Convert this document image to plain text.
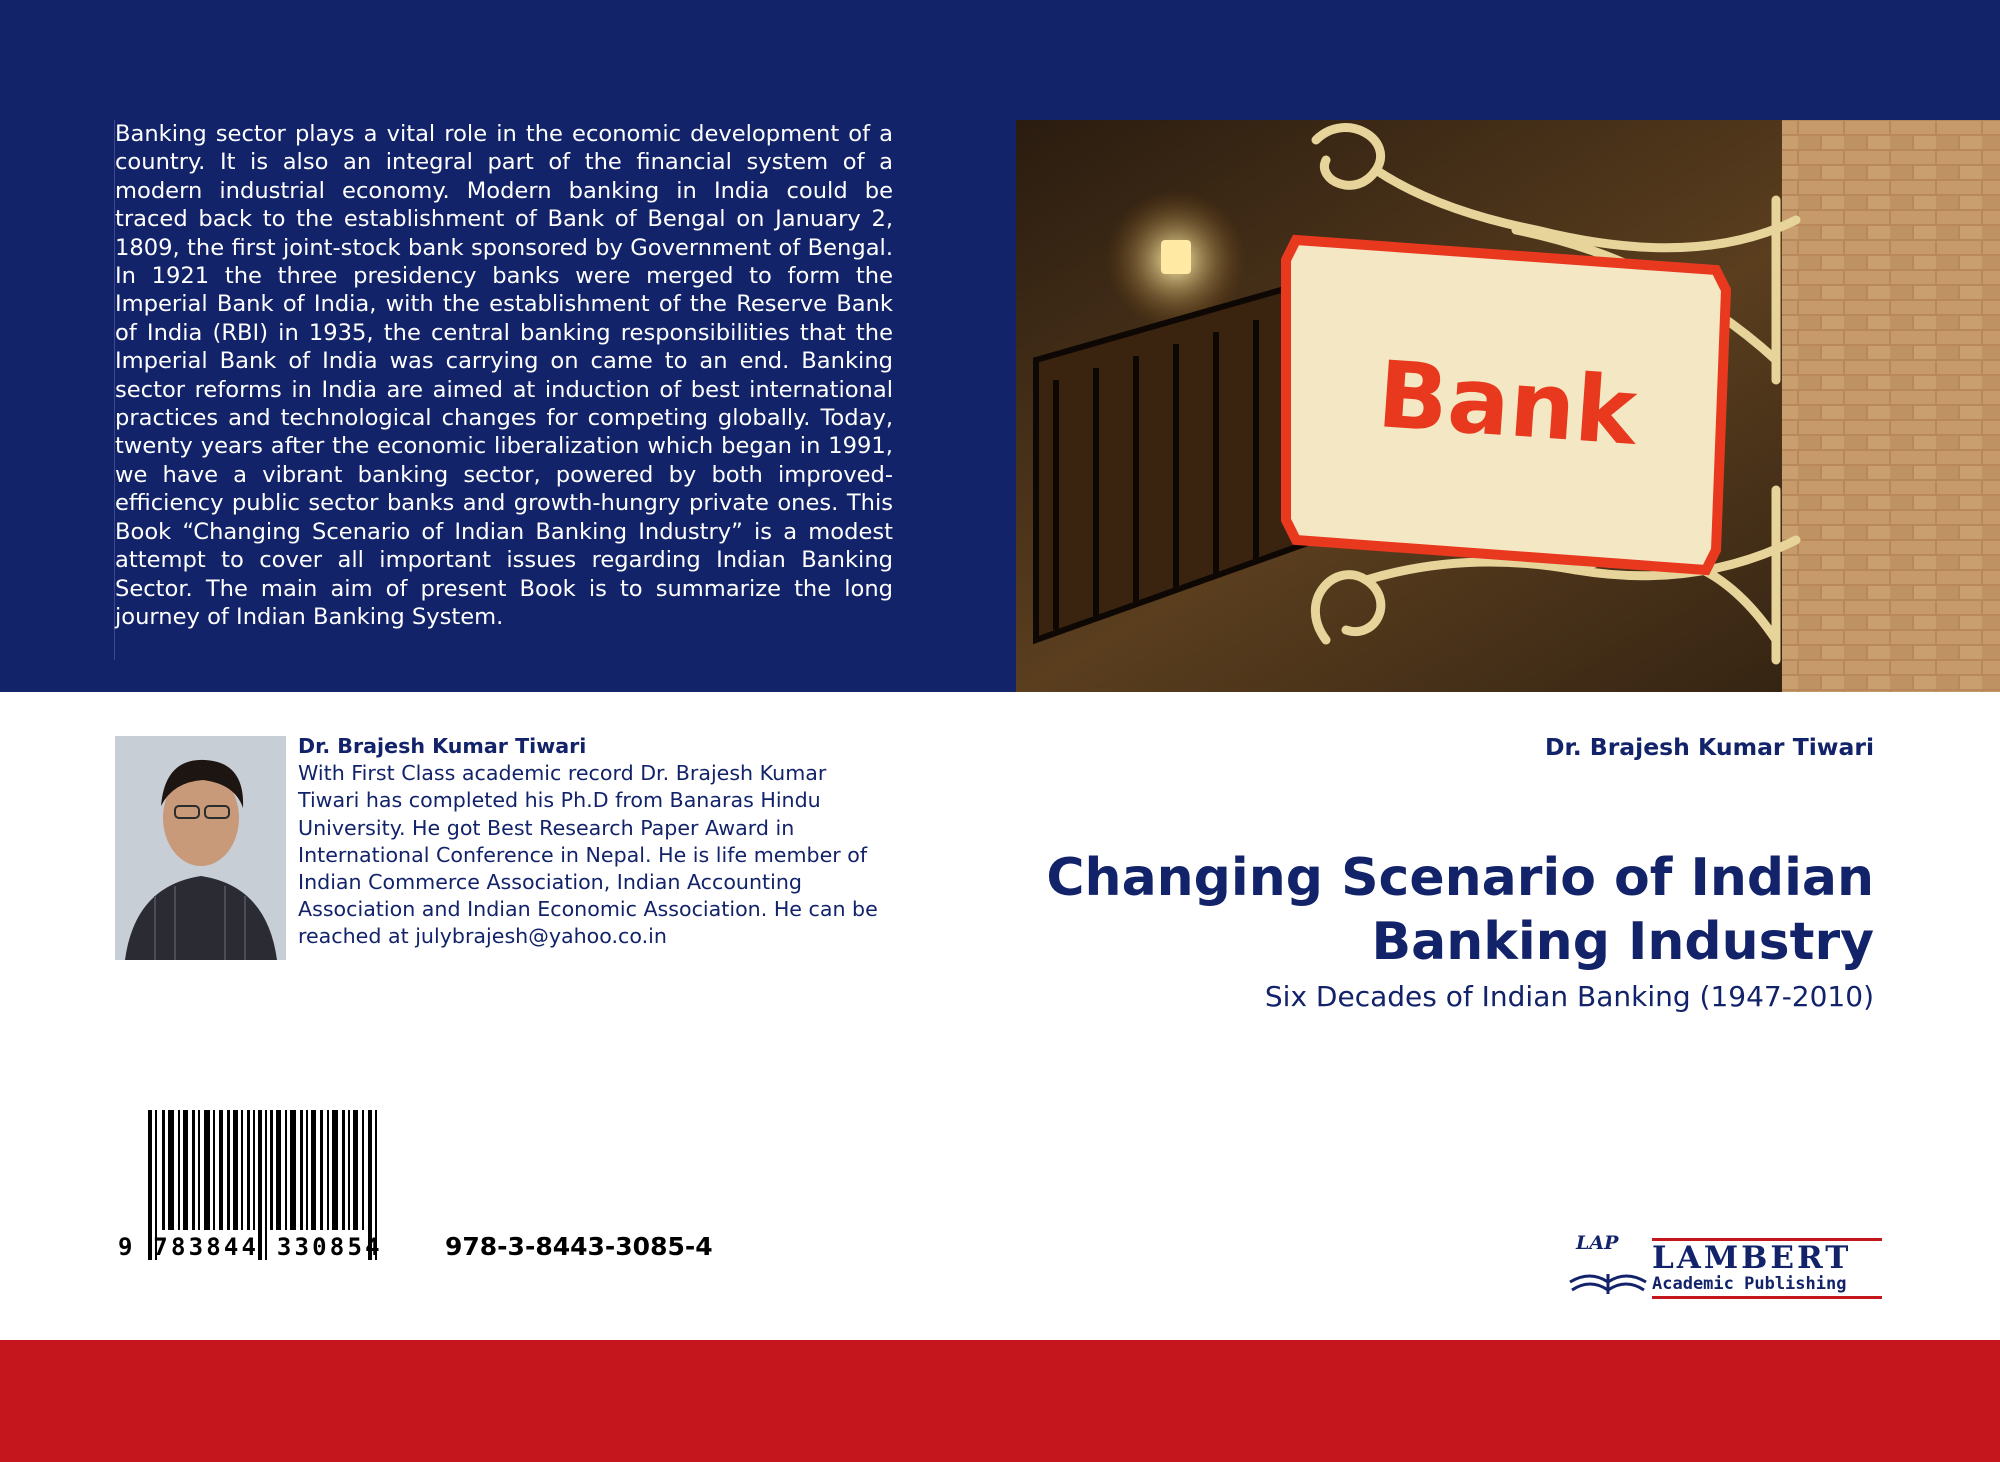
Banking sector plays a vital role in the economic development of a country. It is also an integral part of the financial system of a modern industrial economy. Modern banking in India could be traced back to the establishment of Bank of Bengal on January 2, 1809, the first joint-stock bank sponsored by Government of Bengal. In 1921 the three presidency banks were merged to form the Imperial Bank of India, with the establishment of the Reserve Bank of India (RBI) in 1935, the central banking responsibilities that the Imperial Bank of India was carrying on came to an end. Banking sector reforms in India are aimed at induction of best international practices and technological changes for competing globally. Today, twenty years after the economic liberalization which began in 1991, we have a vibrant banking sector, powered by both improved- efficiency public sector banks and growth-hungry private ones. This Book “Changing Scenario of Indian Banking Industry” is a modest attempt to cover all important issues regarding Indian Banking Sector. The main aim of present Book is to summarize the long journey of Indian Banking System.
Bank
Dr. Brajesh Kumar Tiwari
With First Class academic record Dr. Brajesh Kumar Tiwari has completed his Ph.D from Banaras Hindu University. He got Best Research Paper Award in International Conference in Nepal. He is life member of Indian Commerce Association, Indian Accounting Association and Indian Economic Association. He can be reached at julybrajesh@yahoo.co.in
Dr. Brajesh Kumar Tiwari
Changing Scenario of Indian Banking Industry
Six Decades of Indian Banking (1947-2010)
9 783844 330854	978-3-8443-3085-4	LAP LAMBERT
Academic Publishing
